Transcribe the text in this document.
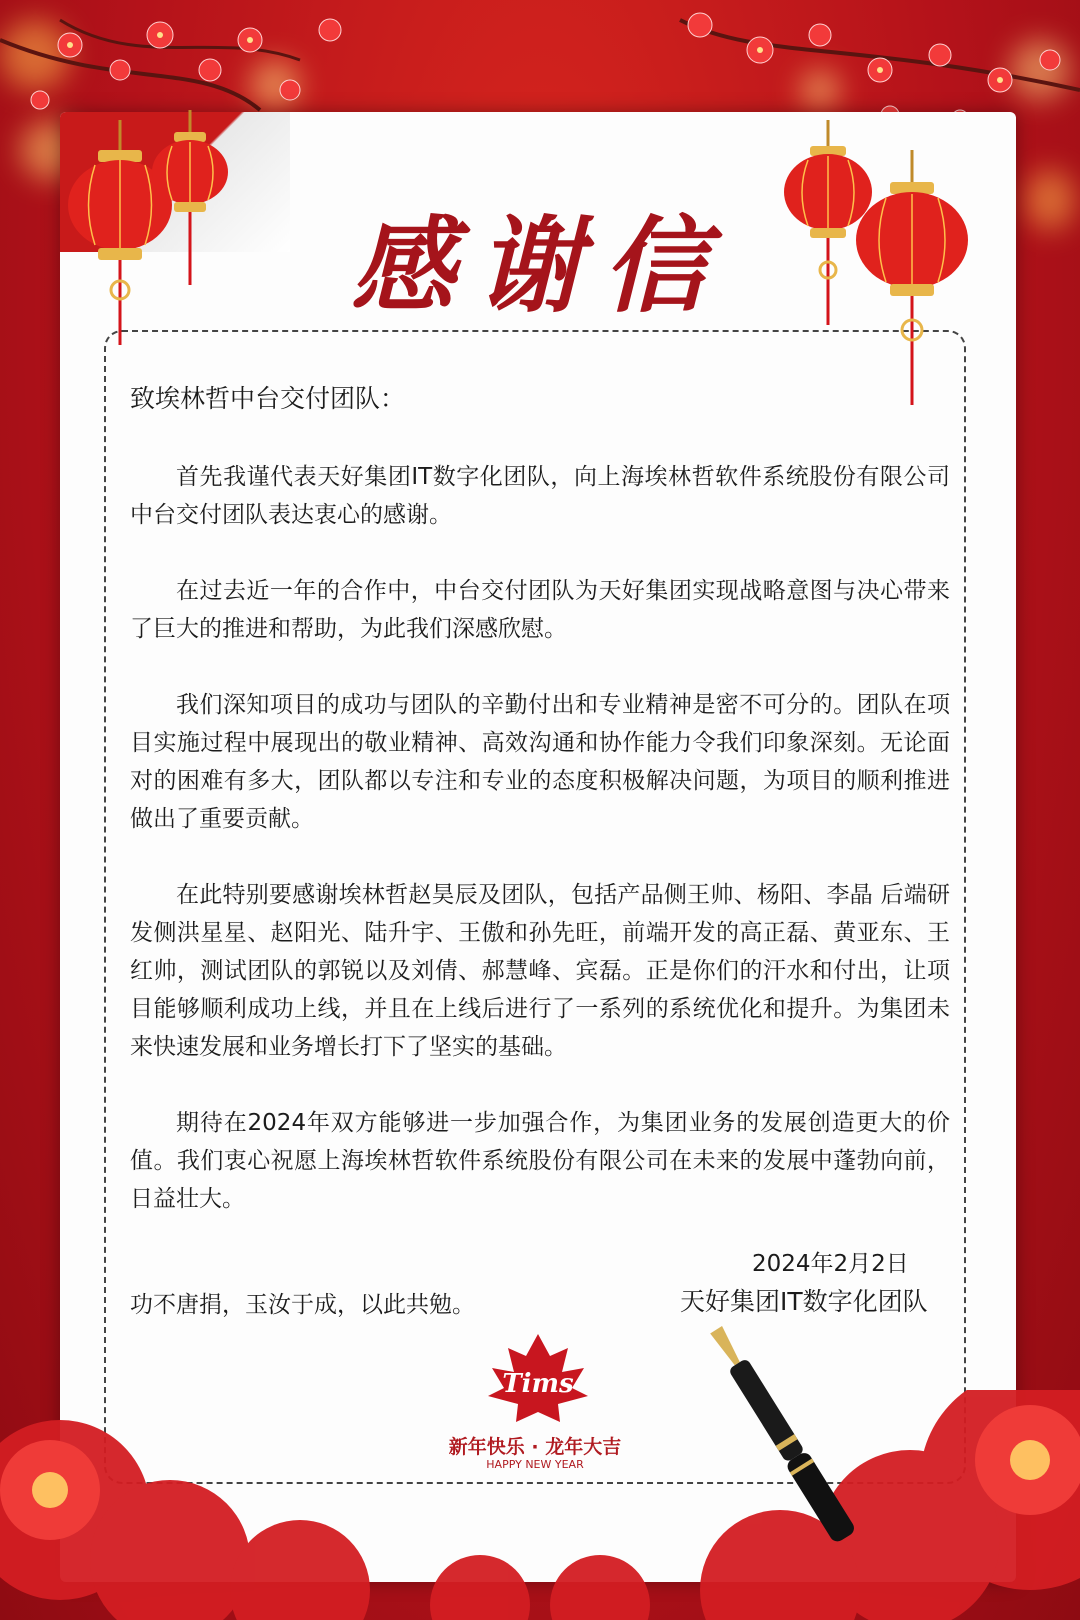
感谢信

致埃林哲中台交付团队：

首先我谨代表天好集团IT数字化团队，向上海埃林哲软件系统股份有限公司中台交付团队表达衷心的感谢。

在过去近一年的合作中，中台交付团队为天好集团实现战略意图与决心带来了巨大的推进和帮助，为此我们深感欣慰。

我们深知项目的成功与团队的辛勤付出和专业精神是密不可分的。团队在项目实施过程中展现出的敬业精神、高效沟通和协作能力令我们印象深刻。无论面对的困难有多大，团队都以专注和专业的态度积极解决问题，为项目的顺利推进做出了重要贡献。

在此特别要感谢埃林哲赵昊辰及团队，包括产品侧王帅、杨阳、李晶 后端研发侧洪星星、赵阳光、陆升宇、王傲和孙先旺，前端开发的高正磊、黄亚东、王红帅，测试团队的郭锐以及刘倩、郝慧峰、宾磊。正是你们的汗水和付出，让项目能够顺利成功上线，并且在上线后进行了一系列的系统优化和提升。为集团未来快速发展和业务增长打下了坚实的基础。

期待在2024年双方能够进一步加强合作，为集团业务的发展创造更大的价值。我们衷心祝愿上海埃林哲软件系统股份有限公司在未来的发展中蓬勃向前，日益壮大。

2024年2月2日
功不唐捐，玉汝于成，以此共勉。	天好集团IT数字化团队
Tims
新年快乐 · 龙年大吉
HAPPY NEW YEAR
